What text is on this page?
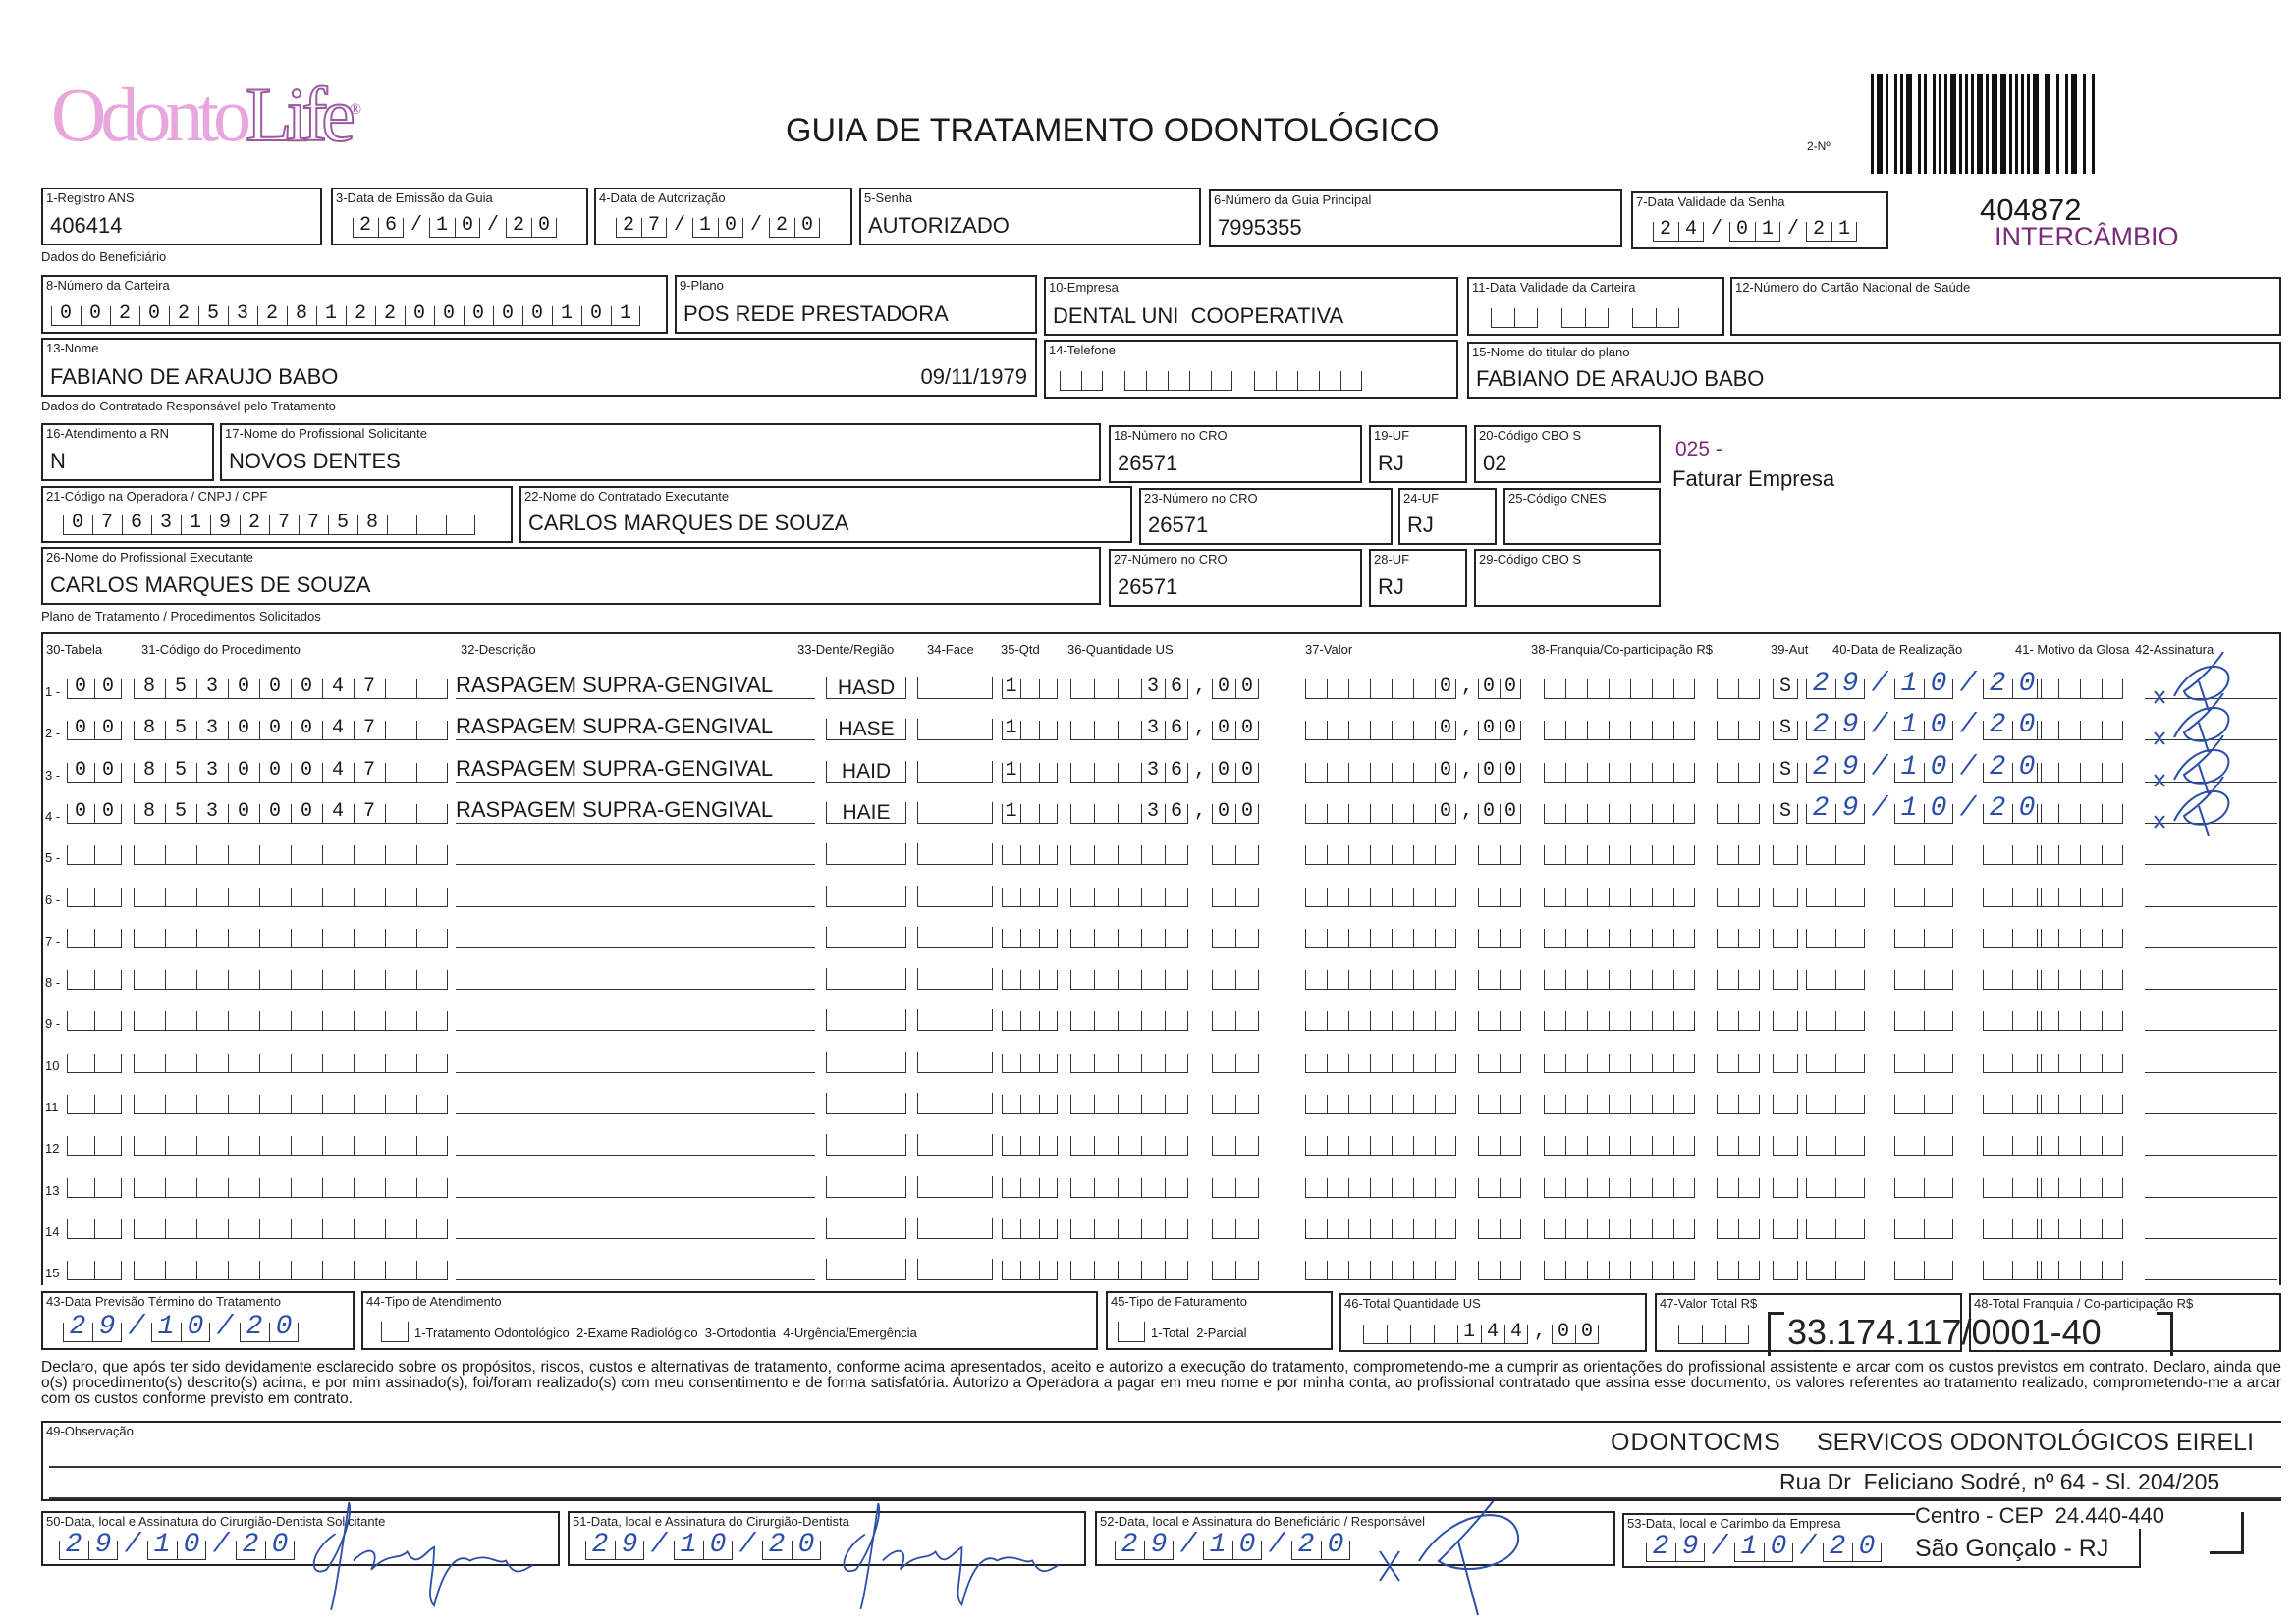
OdontoLife®
GUIA DE TRATAMENTO ODONTOLÓGICO	2-Nº
404872
INTERCÂMBIO
1-Registro ANS
406414
3-Data de Emissão da Guia
26/10/20
4-Data de Autorização
27/10/20
5-Senha
AUTORIZADO
6-Número da Guia Principal
7995355
7-Data Validade da Senha
24/01/21
Dados do Beneficiário
8-Número da Carteira
00202532812200000101
9-Plano
POS REDE PRESTADORA
10-Empresa
DENTAL UNI  COOPERATIVA
11-Data Validade da Carteira	12-Número do Cartão Nacional de Saúde
13-Nome
FABIANO DE ARAUJO BABO	09/11/1979
14-Telefone	15-Nome do titular do plano
FABIANO DE ARAUJO BABO
Dados do Contratado Responsável pelo Tratamento
16-Atendimento a RN
N
17-Nome do Profissional Solicitante
NOVOS DENTES
18-Número no CRO
26571
19-UF
RJ
20-Código CBO S
02
025 -
Faturar Empresa
21-Código na Operadora / CNPJ / CPF
07631927758
22-Nome do Contratado Executante
CARLOS MARQUES DE SOUZA
23-Número no CRO
26571
24-UF
RJ
25-Código CNES
26-Nome do Profissional Executante
CARLOS MARQUES DE SOUZA
27-Número no CRO
26571
28-UF
RJ
29-Código CBO S
Plano de Tratamento / Procedimentos Solicitados
30-Tabela	31-Código do Procedimento	32-Descrição	33-Dente/Região	34-Face 35-Qtd 36-Quantidade US	37-Valor	38-Franquia/Co-participação R$	39-Aut 40-Data de Realização	41- Motivo da Glosa 42-Assinatura
1 - 00 85300047	RASPAGEM SUPRA-GENGIVAL	HASD	1	36,00	0,00	S 29/10/20
2 - 00 85300047	RASPAGEM SUPRA-GENGIVAL	HASE	1	36,00	0,00	S 29/10/20
3 - 00 85300047	RASPAGEM SUPRA-GENGIVAL	HAID	1	36,00	0,00	S 29/10/20
4 - 00 85300047	RASPAGEM SUPRA-GENGIVAL	HAIE	1	36,00	0,00	S 29/10/20
5 -
6 -
7 -
8 -
9 -
10
11
12
13
14
15
43-Data Previsão Término do Tratamento
29/10/20
44-Tipo de Atendimento
1-Tratamento Odontológico  2-Exame Radiológico  3-Ortodontia  4-Urgência/Emergência
45-Tipo de Faturamento
1-Total  2-Parcial
46-Total Quantidade US
144,00
47-Valor Total R$	48-Total Franquia / Co-participação R$
33.174.117/0001-40
Declaro, que após ter sido devidamente esclarecido sobre os propósitos, riscos, custos e alternativas de tratamento, conforme acima apresentados, aceito e autorizo a execução do tratamento, comprometendo-me a cumprir as orientações do profissional assistente e arcar com os custos previstos em contrato. Declaro, ainda que o(s) procedimento(s) descrito(s) acima, e por mim assinado(s), foi/foram realizado(s) com meu consentimento e de forma satisfatória. Autorizo a Operadora a pagar em meu nome e por minha conta, ao profissional contratado que assina esse documento, os valores referentes ao tratamento realizado, comprometendo-me a arcar com os custos conforme previsto em contrato.
49-Observação	ODONTOCMS SERVICOS ODONTOLÓGICOS EIRELI
Rua Dr  Feliciano Sodré, nº 64 - Sl. 204/205
50-Data, local e Assinatura do Cirurgião-Dentista Solicitante
29/10/20
51-Data, local e Assinatura do Cirurgião-Dentista
29/10/20
52-Data, local e Assinatura do Beneficiário / Responsável
29/10/20
53-Data, local e Carimbo da Empresa
29/10/20
Centro - CEP  24.440-440
São Gonçalo - RJ
